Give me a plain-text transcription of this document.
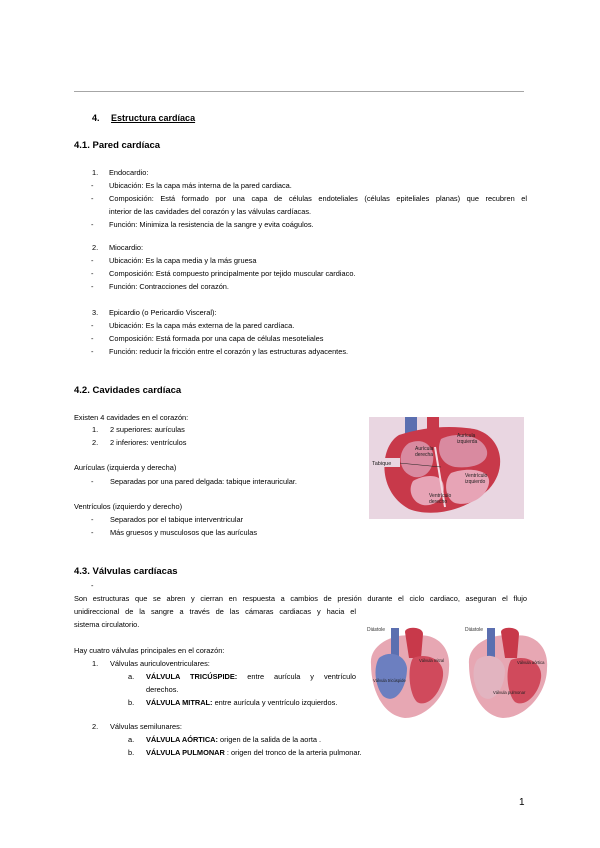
4. Estructura cardíaca
4.1. Pared cardíaca
1. Endocardio:
- Ubicación: Es la capa más interna de la pared cardiaca.
- Composición: Está formado por una capa de células endoteliales (células epiteliales planas) que recubren el
interior de las cavidades del corazón y las válvulas cardíacas.
- Función: Minimiza la resistencia de la sangre y evita coágulos.
2. Miocardio:
- Ubicación: Es la capa media y la más gruesa
- Composición: Está compuesto principalmente por tejido muscular cardiaco.
- Función: Contracciones del corazón.
3. Epicardio (o Pericardio Visceral):
- Ubicación: Es la capa más externa de la pared cardíaca.
- Composición: Está formada por una capa de células mesoteliales
- Función: reducir la fricción entre el corazón y las estructuras adyacentes.
4.2. Cavidades cardíaca
Existen 4 cavidades en el corazón:
1. 2 superiores: aurículas
2. 2 inferiores: ventrículos
Aurículas (izquierda y derecha)
- Separadas por una pared delgada: tabique interauricular.
Ventrículos (izquierdo y derecho)
- Separados por el tabique interventricular
- Más gruesos y musculosos que las aurículas
Tabique
Aurícula derecha
Aurícula izquierda
Ventrículo izquierdo
Ventrículo derecho
4.3. Válvulas cardíacas
-
Son estructuras que se abren y cierran en respuesta a cambios de presión durante el ciclo cardiaco, aseguran el flujo
unidireccional de la sangre a través de las cámaras cardiacas y hacia el
sistema circulatorio.
Hay cuatro válvulas principales en el corazón:
1. Válvulas auriculoventriculares:
a. VÁLVULA TRICÚSPIDE: entre aurícula y ventrículo
derechos.
b. VÁLVULA MITRAL: entre aurícula y ventrículo izquierdos.
2. Válvulas semilunares:
a. VÁLVULA AÓRTICA: origen de la salida de la aorta .
b. VÁLVULA PULMONAR : origen del tronco de la arteria pulmonar.
Diástole
Válvula mitral
Válvula tricúspide
Diástole
Válvula aórtica
Válvula pulmonar
1
